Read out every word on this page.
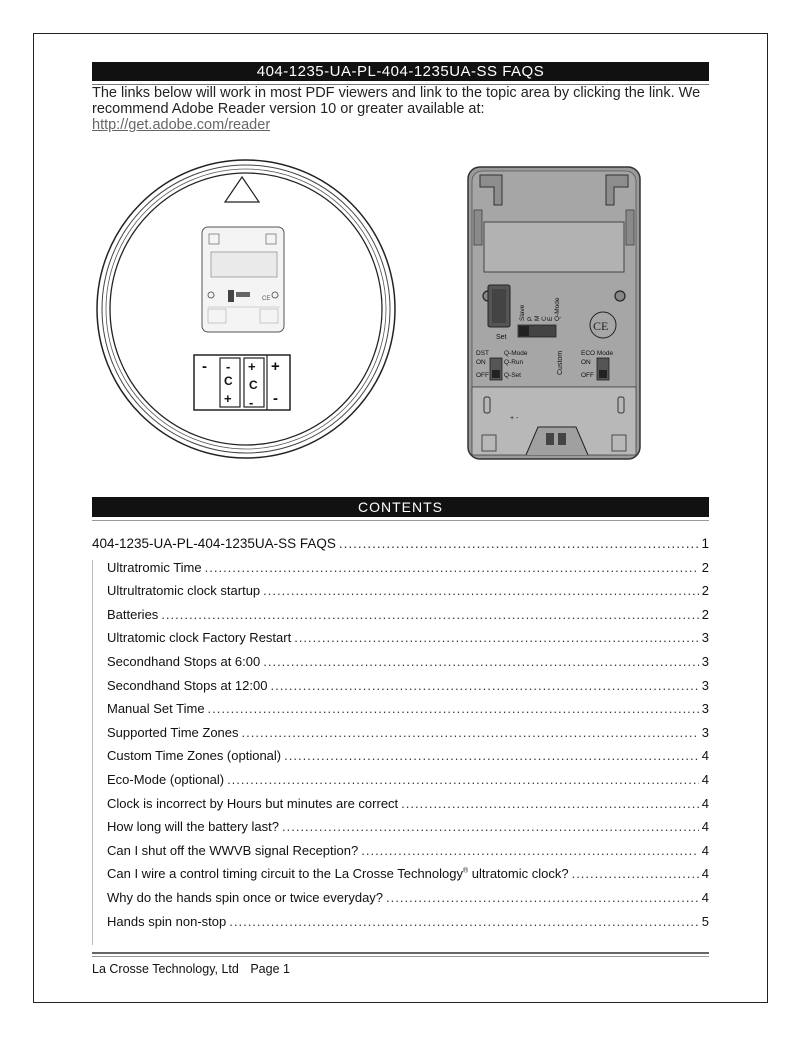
404-1235-UA-PL-404-1235UA-SS FAQS
The links below will work in most PDF viewers and link to the topic area by clicking the link. We recommend Adobe Reader version 10 or greater available at:
http://get.adobe.com/reader
CE
- -
C
+
+
C
-
+
-
Set
Slave P M C E Q-Mode
CE
DST
ON
OFF
Q-Mode
Q-Run
Q-Set
ECO Mode
ON
OFF
Custom
+ -
CONTENTS
404-1235-UA-PL-404-1235UA-SS FAQS .....	1
Ultratromic Time .....	2
Ultrultratomic clock startup .....	2
Batteries .....	2
Ultratomic clock Factory Restart .....	3
Secondhand Stops at 6:00 .....	3
Secondhand Stops at 12:00 .....	3
Manual Set Time .....	3
Supported Time Zones .....	3
Custom Time Zones (optional) .....	4
Eco-Mode (optional) .....	4
Clock is incorrect by Hours but minutes are correct .....	4
How long will the battery last? .....	4
Can I shut off the WWVB signal Reception? .....	4
Can I wire a control timing circuit to the La Crosse Technology® ultratomic clock? .....	4
Why do the hands spin once or twice everyday? .....	4
Hands spin non-stop .....	5
La Crosse Technology, Ltd Page 1
